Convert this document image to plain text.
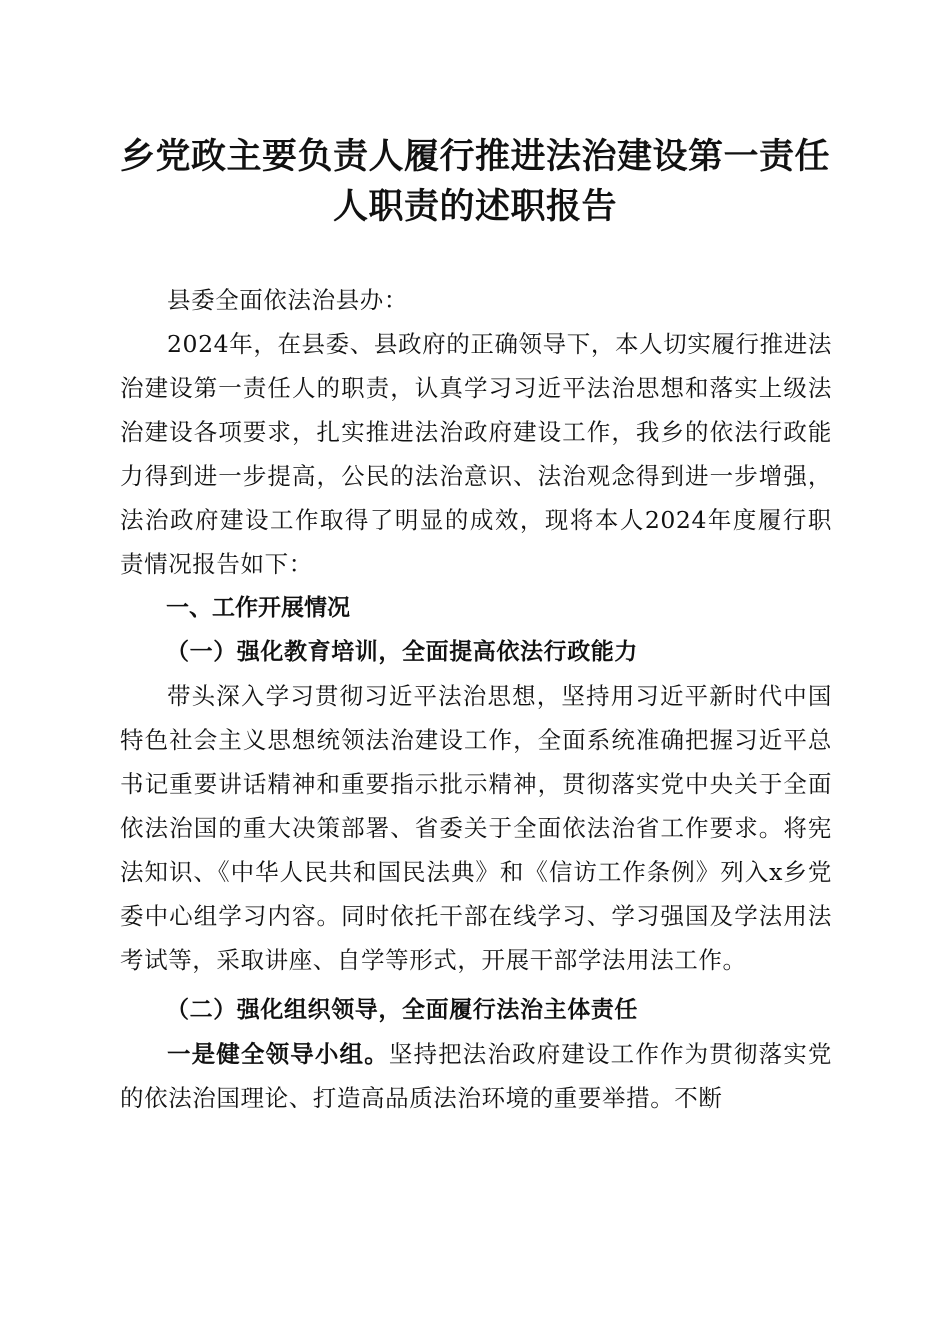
乡党政主要负责人履行推进法治建设第一责任
人职责的述职报告

县委全面依法治县办：

2024年，在县委、县政府的正确领导下，本人切实履行推进法治建设第一责任人的职责，认真学习习近平法治思想和落实上级法治建设各项要求，扎实推进法治政府建设工作，我乡的依法行政能力得到进一步提高，公民的法治意识、法治观念得到进一步增强，法治政府建设工作取得了明显的成效，现将本人2024年度履行职责情况报告如下：

一、工作开展情况
（一）强化教育培训，全面提高依法行政能力

带头深入学习贯彻习近平法治思想，坚持用习近平新时代中国特色社会主义思想统领法治建设工作，全面系统准确把握习近平总书记重要讲话精神和重要指示批示精神，贯彻落实党中央关于全面依法治国的重大决策部署、省委关于全面依法治省工作要求。将宪法知识、《中华人民共和国民法典》和《信访工作条例》列入x乡党委中心组学习内容。同时依托干部在线学习、学习强国及学法用法考试等，采取讲座、自学等形式，开展干部学法用法工作。

（二）强化组织领导，全面履行法治主体责任

一是健全领导小组。坚持把法治政府建设工作作为贯彻落实党的依法治国理论、打造高品质法治环境的重要举措。不断
